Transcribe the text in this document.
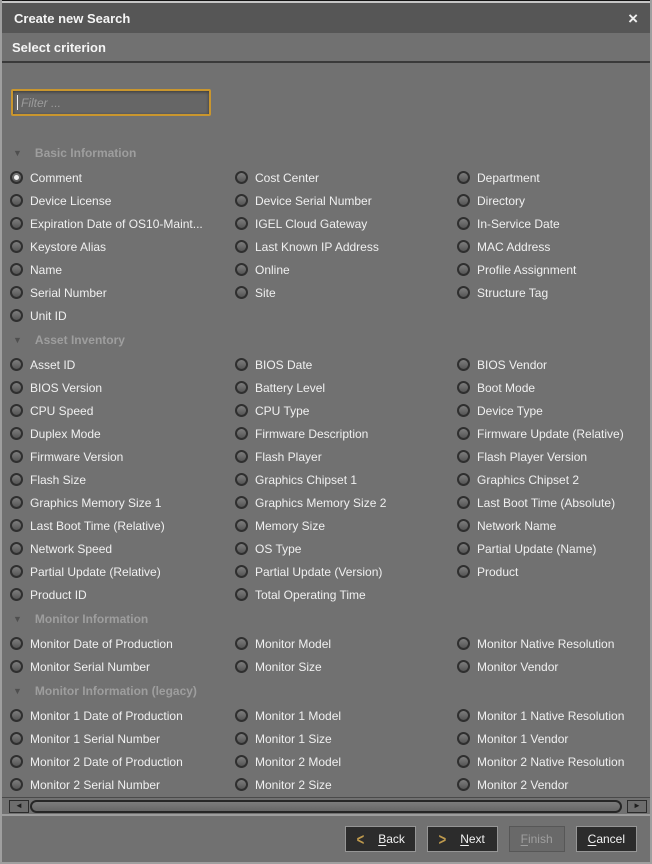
Create new Search	×
Select criterion
Filter ...
▼ Basic Information
Comment	Cost Center	Department
Device License	Device Serial Number	Directory
Expiration Date of OS10-Maint...	IGEL Cloud Gateway	In-Service Date
Keystore Alias	Last Known IP Address	MAC Address
Name	Online	Profile Assignment
Serial Number	Site	Structure Tag
Unit ID
▼ Asset Inventory
Asset ID	BIOS Date	BIOS Vendor
BIOS Version	Battery Level	Boot Mode
CPU Speed	CPU Type	Device Type
Duplex Mode	Firmware Description	Firmware Update (Relative)
Firmware Version	Flash Player	Flash Player Version
Flash Size	Graphics Chipset 1	Graphics Chipset 2
Graphics Memory Size 1	Graphics Memory Size 2	Last Boot Time (Absolute)
Last Boot Time (Relative)	Memory Size	Network Name
Network Speed	OS Type	Partial Update (Name)
Partial Update (Relative)	Partial Update (Version)	Product
Product ID	Total Operating Time
▼ Monitor Information
Monitor Date of Production	Monitor Model	Monitor Native Resolution
Monitor Serial Number	Monitor Size	Monitor Vendor
▼ Monitor Information (legacy)
Monitor 1 Date of Production	Monitor 1 Model	Monitor 1 Native Resolution
Monitor 1 Serial Number	Monitor 1 Size	Monitor 1 Vendor
Monitor 2 Date of Production	Monitor 2 Model	Monitor 2 Native Resolution
Monitor 2 Serial Number	Monitor 2 Size	Monitor 2 Vendor
◄	►
< Back	> Next	Finish	Cancel
